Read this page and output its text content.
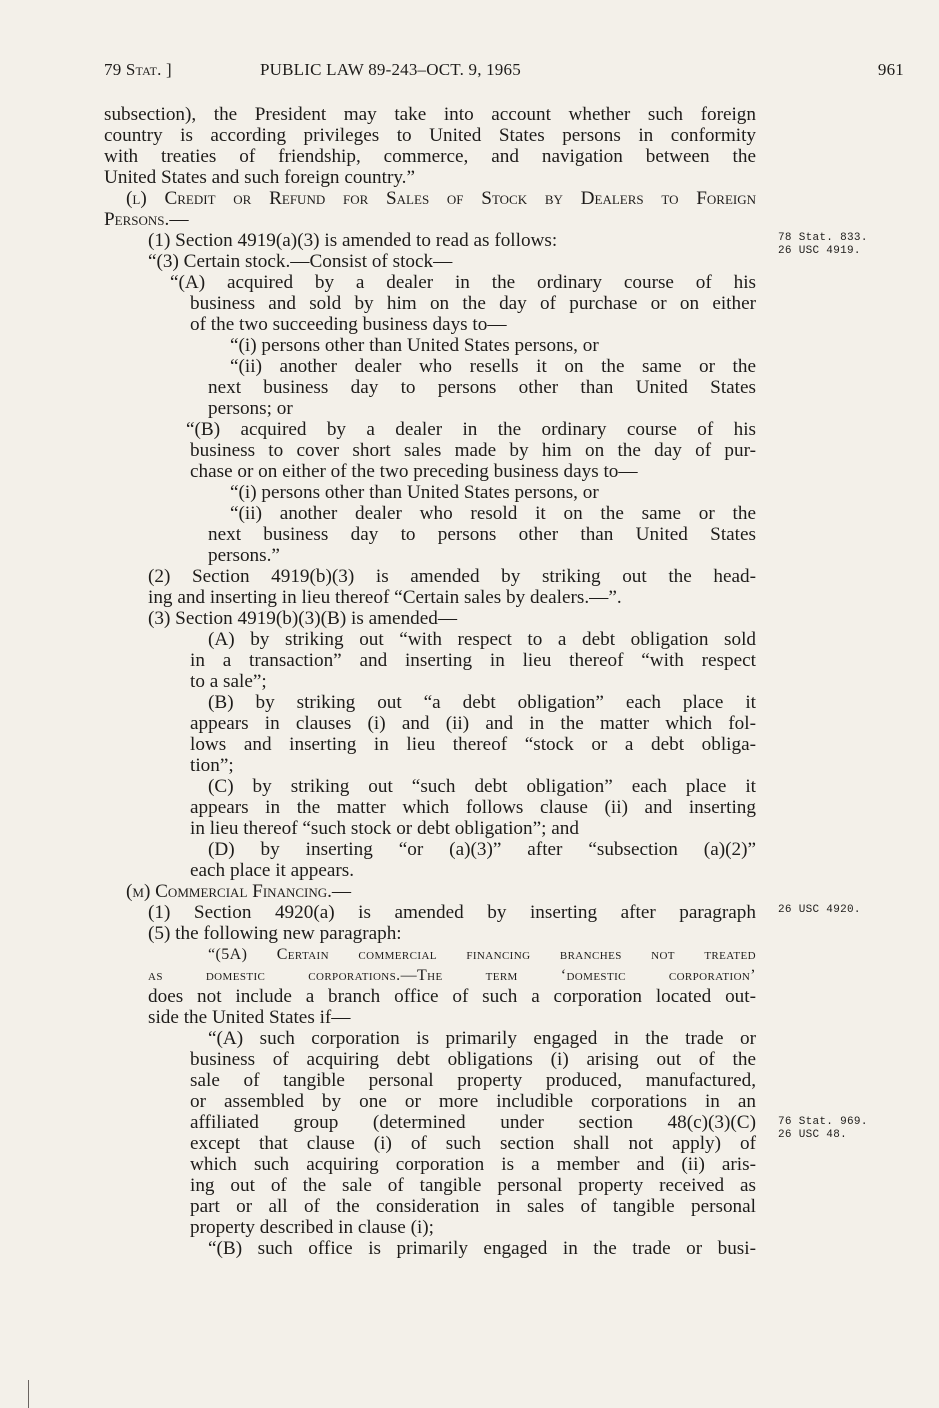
79 Stat. ]	PUBLIC LAW 89-243–OCT. 9, 1965	961
subsection), the President may take into account whether such foreign
country is according privileges to United States persons in conformity
with treaties of friendship, commerce, and navigation between the
United States and such foreign country.”
(l) Credit or Refund for Sales of Stock by Dealers to Foreign
Persons.—
(1) Section 4919(a)(3) is amended to read as follows:
“(3) Certain stock.—Consist of stock—
“(A) acquired by a dealer in the ordinary course of his
business and sold by him on the day of purchase or on either
of the two succeeding business days to—
“(i) persons other than United States persons, or
“(ii) another dealer who resells it on the same or the
next business day to persons other than United States
persons; or
“(B) acquired by a dealer in the ordinary course of his
business to cover short sales made by him on the day of pur-
chase or on either of the two preceding business days to—
“(i) persons other than United States persons, or
“(ii) another dealer who resold it on the same or the
next business day to persons other than United States
persons.”
(2) Section 4919(b)(3) is amended by striking out the head-
ing and inserting in lieu thereof “Certain sales by dealers.—”.
(3) Section 4919(b)(3)(B) is amended—
(A) by striking out “with respect to a debt obligation sold
in a transaction” and inserting in lieu thereof “with respect
to a sale”;
(B) by striking out “a debt obligation” each place it
appears in clauses (i) and (ii) and in the matter which fol-
lows and inserting in lieu thereof “stock or a debt obliga-
tion”;
(C) by striking out “such debt obligation” each place it
appears in the matter which follows clause (ii) and inserting
in lieu thereof “such stock or debt obligation”; and
(D) by inserting “or (a)(3)” after “subsection (a)(2)”
each place it appears.
(m) Commercial Financing.—
(1) Section 4920(a) is amended by inserting after paragraph
(5) the following new paragraph:
“(5A) Certain commercial financing branches not treated
as domestic corporations.—The term ‘domestic corporation’
does not include a branch office of such a corporation located out-
side the United States if—
“(A) such corporation is primarily engaged in the trade or
business of acquiring debt obligations (i) arising out of the
sale of tangible personal property produced, manufactured,
or assembled by one or more includible corporations in an
affiliated group (determined under section 48(c)(3)(C)
except that clause (i) of such section shall not apply) of
which such acquiring corporation is a member and (ii) aris-
ing out of the sale of tangible personal property received as
part or all of the consideration in sales of tangible personal
property described in clause (i);
“(B) such office is primarily engaged in the trade or busi-
78 Stat. 833.
26 USC 4919.
26 USC 4920.
76 Stat. 969.
26 USC 48.
